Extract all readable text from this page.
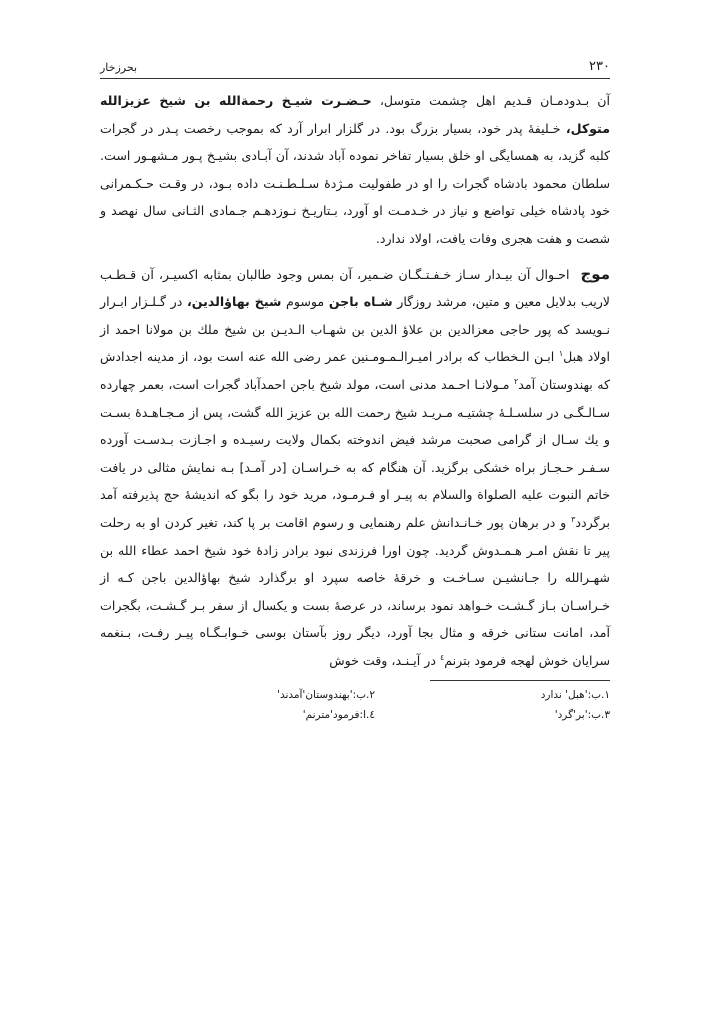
۲۳۰
بحرزخار

آن بـدودمـان قـدیم اهل چشمت متوسل، حـضـرت شیـخ رحمةالله بن شیخ عزیزالله متوکل، خـلیفهٔ پدر خود، بسیار بزرگ بود. در گلزار ابرار آرد که بموجب رخصت پـدر در گجرات کلبه گزید، به همسایگی او خلق بسیار تفاخر نموده آباد شدند، آن آبـادی بشیـخ پـور مـشهـور است. سلطان محمود بادشاه گجرات را او در طفولیت مـژدهٔ سـلـطـنـت داده بـود، در وقـت حـکـمرانی خود پادشاه خیلی تواضع و نیاز در خـدمـت او آورد، بـتاریـخ نـوزدهـم جـمادی الثـانی سال نهصد و شصت و هفت هجری وفات یافت، اولاد ندارد.

موج احـوال آن بیـدار سـاز خـفـتـگـان ضـمیر، آن بمس وجود طالبان بمثابه اکسیـر، آن قـطـب لاریب بدلایل معین و متین، مرشد روزگار شـاه باجن موسوم شیخ بهاؤالدین، در گـلـزار ابـرار نـویسد که پور حاجی معزالدین بن علاؤ الدین بن شهـاب الـدیـن بن شیخ ملك بن مولانا احمد از اولاد هبل$^۱$ ابـن الـخطاب که برادر امیـرالـمـومـنین عمر رضی الله عنه است بود، از مدینه اجدادش که بهندوستان آمد$^۲$ مـولانـا احـمد مدنی است، مولد شیخ باجن احمدآباد گجرات است، بعمر چهارده سـالـگـی در سلسـلـهٔ چشتیـه مـریـد شیخ رحمت الله بن عزیز الله گشت، پس از مـجـاهـدهٔ بسـت و یك سـال از گرامی صحبت مرشد فیض اندوخته بکمال ولایت رسیـده و اجـازت بـدسـت آورده سـفـر حـجـاز براه خشکی برگزید. آن هنگام که به خـراسـان [در آمـد] بـه نمایش مثالی در یافت خاتم النبوت علیه الصلواة والسلام به پیـر او فـرمـود، مرید خود را بگو که اندیشهٔ حج پذیرفته آمد برگردد$^۳$ و در برهان پور خـانـدانش علم رهنمایی و رسوم اقامت بر پا کند، تغیر کردن او به رحلت پیر تا نقش امـر هـمـدوش گردید. چون اورا فرزندی نبود برادر زادهٔ خود شیخ احمد عطاء الله بن شهـرالله را جـانشیـن سـاخـت و خرقهٔ خاصه سپرد او برگذارد شیخ بهاؤالدین باجن کـه از خـراسـان بـاز گـشـت خـواهد نمود برساند، در عرصهٔ بست و یکسال از سفر بـر گـشـت، بگجرات آمد، امانت ستانی خرقه و مثال بجا آورد، دیگر روز بآستان بوسی خـوابـگـاه پیـر رفـت، بـنغمه سرایان خوش لهجه فرمود بترنم$^٤$ در آیـنـد، وقت خوش

۱.ب:'هبل' ندارد
۲.ب:'بهندوستان'آمدند'
۳.ب:'بر'گرد'
٤.ا:فرمود'مترنم'
